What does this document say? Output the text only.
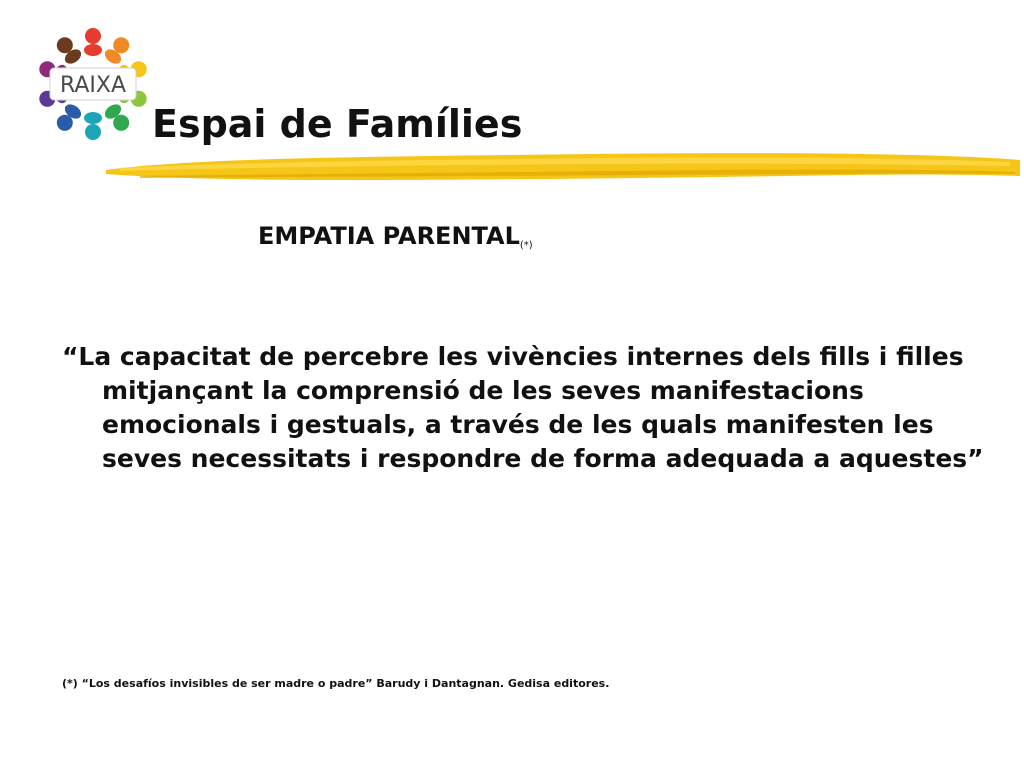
RAIXA
Espai de Famílies

EMPATIA PARENTAL(*)

“La capacitat de percebre les vivències internes dels fills i filles mitjançant la comprensió de les seves manifestacions emocionals i gestuals, a través de les quals manifesten les seves necessitats i respondre de forma adequada a aquestes”

(*) “Los desafíos invisibles de ser madre o padre” Barudy i Dantagnan. Gedisa editores.
